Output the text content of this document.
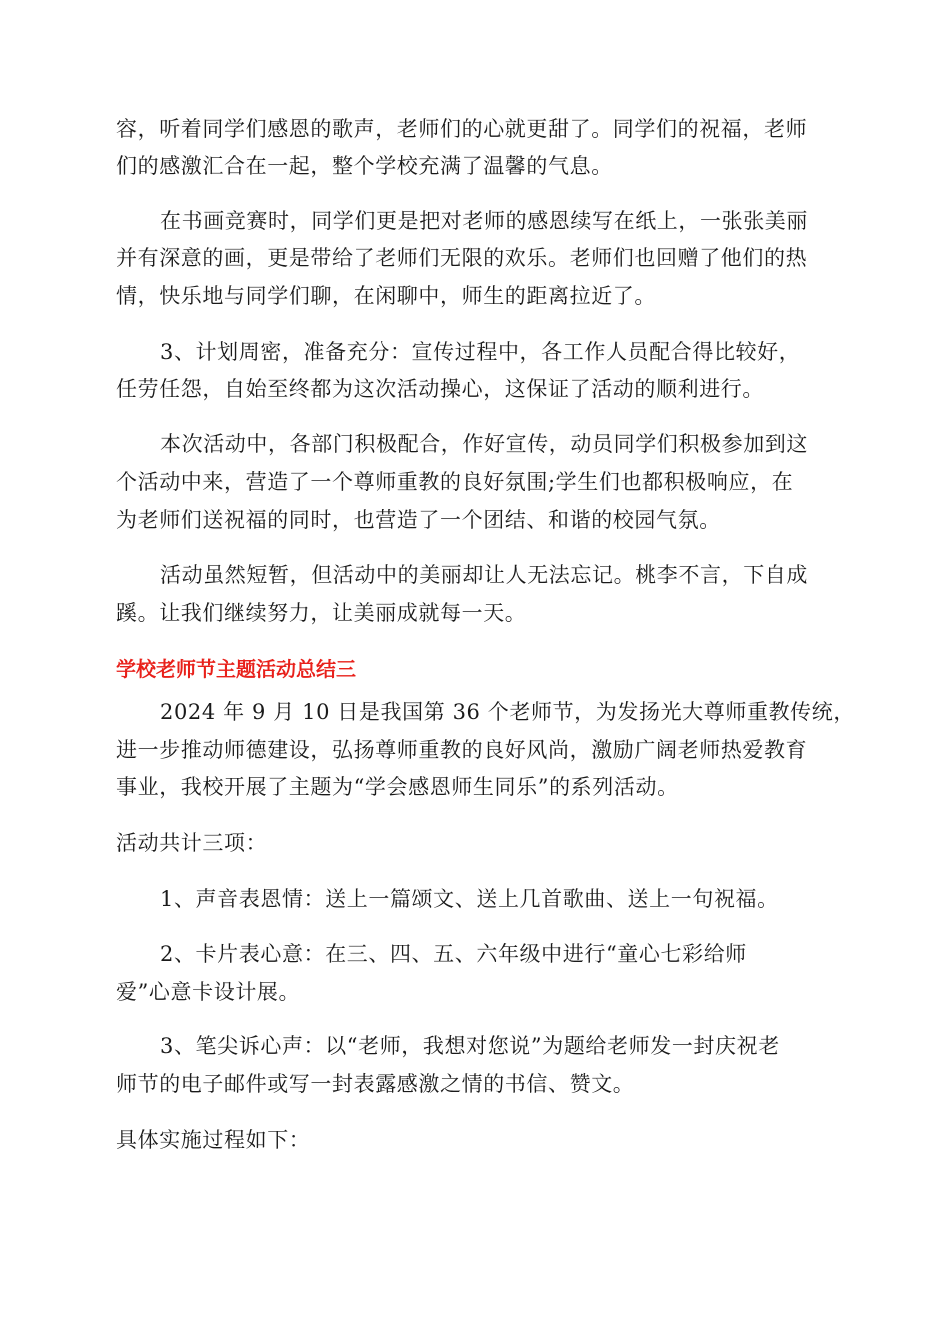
容，听着同学们感恩的歌声，老师们的心就更甜了。同学们的祝福，老师
们的感激汇合在一起，整个学校充满了温馨的气息。
在书画竞赛时，同学们更是把对老师的感恩续写在纸上，一张张美丽
并有深意的画，更是带给了老师们无限的欢乐。老师们也回赠了他们的热
情，快乐地与同学们聊，在闲聊中，师生的距离拉近了。
3、计划周密，准备充分：宣传过程中，各工作人员配合得比较好，
任劳任怨，自始至终都为这次活动操心，这保证了活动的顺利进行。
本次活动中，各部门积极配合，作好宣传，动员同学们积极参加到这
个活动中来，营造了一个尊师重教的良好氛围;学生们也都积极响应，在
为老师们送祝福的同时，也营造了一个团结、和谐的校园气氛。
活动虽然短暂，但活动中的美丽却让人无法忘记。桃李不言，下自成
蹊。让我们继续努力，让美丽成就每一天。
学校老师节主题活动总结三
2024 年 9 月 10 日是我国第 36 个老师节，为发扬光大尊师重教传统，
进一步推动师德建设，弘扬尊师重教的良好风尚，激励广阔老师热爱教育
事业，我校开展了主题为“学会感恩师生同乐”的系列活动。
活动共计三项：
1、声音表恩情：送上一篇颂文、送上几首歌曲、送上一句祝福。
2、卡片表心意：在三、四、五、六年级中进行“童心七彩给师
爱”心意卡设计展。
3、笔尖诉心声：以“老师，我想对您说”为题给老师发一封庆祝老
师节的电子邮件或写一封表露感激之情的书信、赞文。
具体实施过程如下：
